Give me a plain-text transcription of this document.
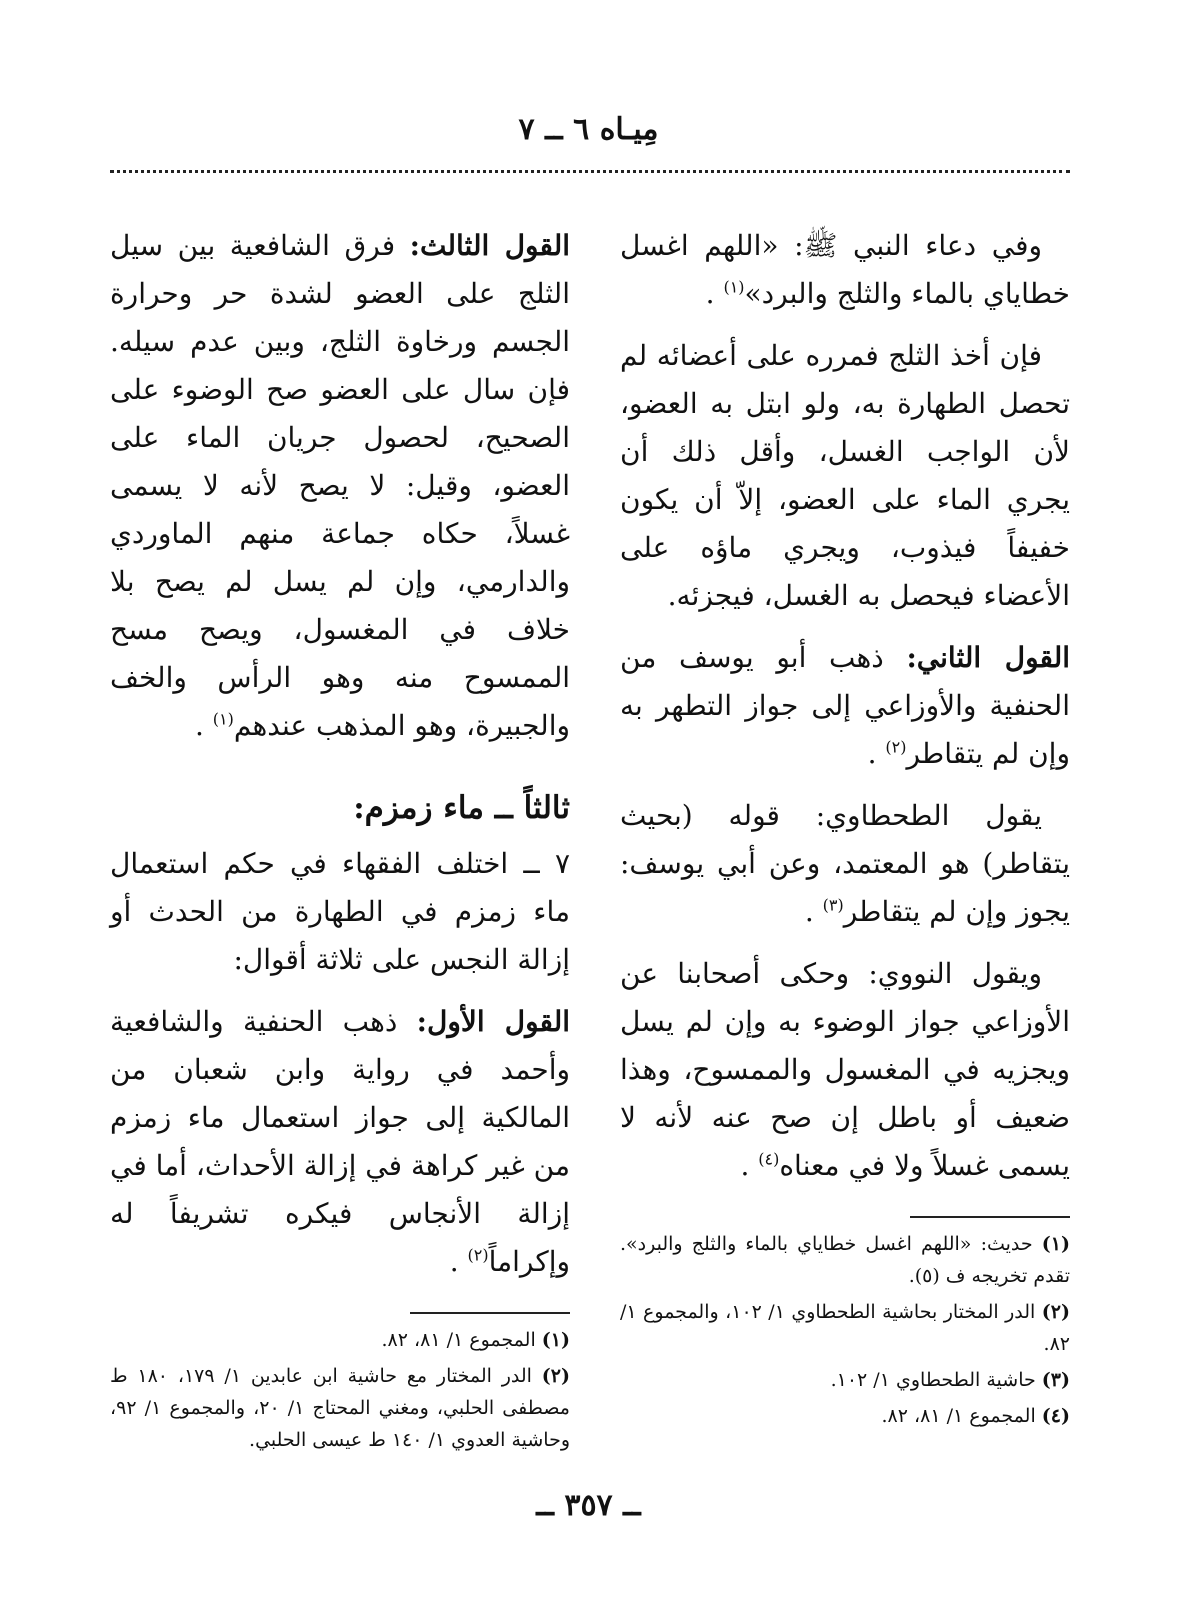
مِيـاه ٦ ــ ٧

وفي دعاء النبي ﷺ: «اللهم اغسل خطاياي بالماء والثلج والبرد»$^{(١)}$ .

فإن أخذ الثلج فمرره على أعضائه لم تحصل الطهارة به، ولو ابتل به العضو، لأن الواجب الغسل، وأقل ذلك أن يجري الماء على العضو، إلاّ أن يكون خفيفاً فيذوب، ويجري ماؤه على الأعضاء فيحصل به الغسل، فيجزئه.

القول الثاني: ذهب أبو يوسف من الحنفية والأوزاعي إلى جواز التطهر به وإن لم يتقاطر$^{(٢)}$ .

يقول الطحطاوي: قوله (بحيث يتقاطر) هو المعتمد، وعن أبي يوسف: يجوز وإن لم يتقاطر$^{(٣)}$ .

ويقول النووي: وحكى أصحابنا عن الأوزاعي جواز الوضوء به وإن لم يسل ويجزيه في المغسول والممسوح، وهذا ضعيف أو باطل إن صح عنه لأنه لا يسمى غسلاً ولا في معناه$^{(٤)}$ .

(١) حديث: «اللهم اغسل خطاياي بالماء والثلج والبرد». تقدم تخريجه ف (٥).

(٢) الدر المختار بحاشية الطحطاوي ١/ ١٠٢، والمجموع ١/ ٨٢.

(٣) حاشية الطحطاوي ١/ ١٠٢.

(٤) المجموع ١/ ٨١، ٨٢.

القول الثالث: فرق الشافعية بين سيل الثلج على العضو لشدة حر وحرارة الجسم ورخاوة الثلج، وبين عدم سيله. فإن سال على العضو صح الوضوء على الصحيح، لحصول جريان الماء على العضو، وقيل: لا يصح لأنه لا يسمى غسلاً، حكاه جماعة منهم الماوردي والدارمي، وإن لم يسل لم يصح بلا خلاف في المغسول، ويصح مسح الممسوح منه وهو الرأس والخف والجبيرة، وهو المذهب عندهم$^{(١)}$ .

ثالثاً ــ ماء زمزم:

٧ ــ اختلف الفقهاء في حكم استعمال ماء زمزم في الطهارة من الحدث أو إزالة النجس على ثلاثة أقوال:

القول الأول: ذهب الحنفية والشافعية وأحمد في رواية وابن شعبان من المالكية إلى جواز استعمال ماء زمزم من غير كراهة في إزالة الأحداث، أما في إزالة الأنجاس فيكره تشريفاً له وإكراماً$^{(٢)}$ .

(١) المجموع ١/ ٨١، ٨٢.

(٢) الدر المختار مع حاشية ابن عابدين ١/ ١٧٩، ١٨٠ ط مصطفى الحلبي، ومغني المحتاج ١/ ٢٠، والمجموع ١/ ٩٢، وحاشية العدوي ١/ ١٤٠ ط عيسى الحلبي.

ــ ٣٥٧ ــ
